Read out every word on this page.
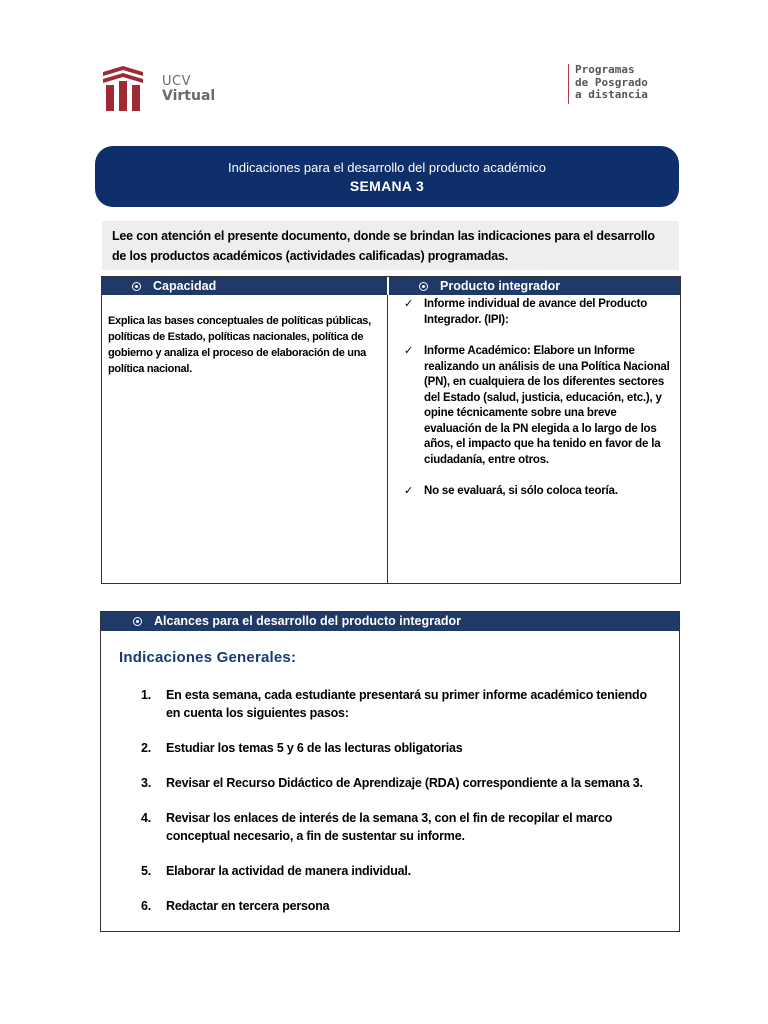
UCV
Virtual
Programas
de Posgrado
a distancia
Indicaciones para el desarrollo del producto académico
SEMANA 3
Lee con atención el presente documento, donde se brindan las indicaciones para el desarrollo de los productos académicos (actividades calificadas) programadas.
Capacidad	Producto integrador
Explica las bases conceptuales de políticas públicas, políticas de Estado, políticas nacionales, política de gobierno y analiza el proceso de elaboración de una política nacional.
✓ Informe individual de avance del Producto Integrador. (IPI):
✓ Informe Académico: Elabore un Informe realizando un análisis de una Política Nacional (PN), en cualquiera de los diferentes sectores del Estado (salud, justicia, educación, etc.), y opine técnicamente sobre una breve evaluación de la PN elegida a lo largo de los años, el impacto que ha tenido en favor de la ciudadanía, entre otros.
✓ No se evaluará, si sólo coloca teoría.
Alcances para el desarrollo del producto integrador
Indicaciones Generales:
1. En esta semana, cada estudiante presentará su primer informe académico teniendo en cuenta los siguientes pasos:
2. Estudiar los temas 5 y 6 de las lecturas obligatorias
3. Revisar el Recurso Didáctico de Aprendizaje (RDA) correspondiente a la semana 3.
4. Revisar los enlaces de interés de la semana 3, con el fin de recopilar el marco conceptual necesario, a fin de sustentar su informe.
5. Elaborar la actividad de manera individual.
6. Redactar en tercera persona
